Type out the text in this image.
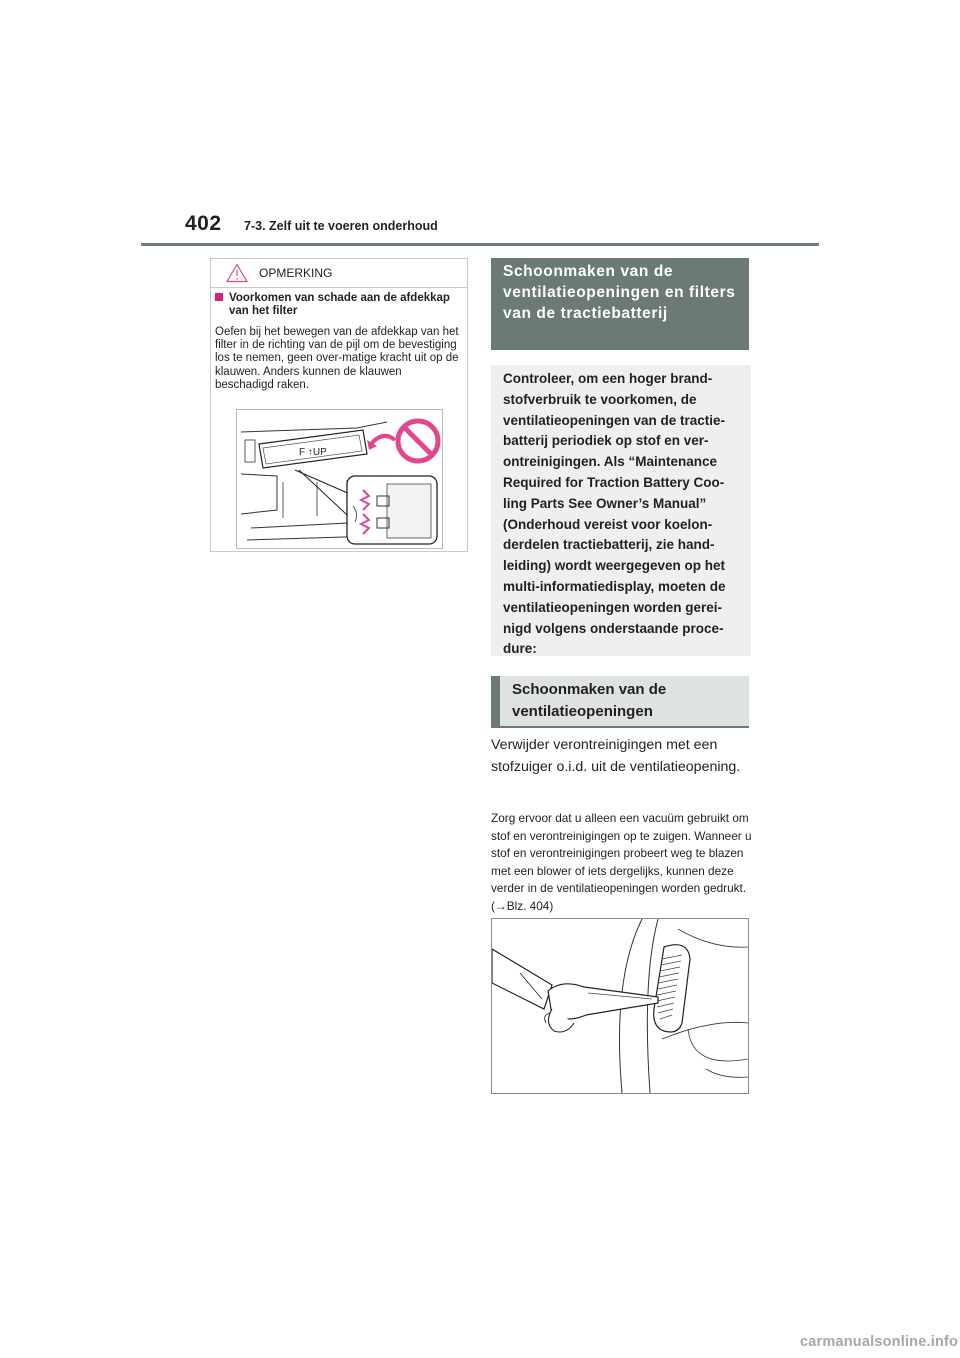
402 7-3. Zelf uit te voeren onderhoud
OPMERKING
Voorkomen van schade aan de afdekkap van het filter
Oefen bij het bewegen van de afdekkap van het filter in de richting van de pijl om de bevestiging los te nemen, geen over-matige kracht uit op de klauwen. Anders kunnen de klauwen beschadigd raken.
F ↑UP
Schoonmaken van de ventilatieopeningen en filters van de tractiebatterij
Controleer, om een hoger brand-
stofverbruik te voorkomen, de
ventilatieopeningen van de tractie-
batterij periodiek op stof en ver-
ontreinigingen. Als “Maintenance
Required for Traction Battery Coo-
ling Parts See Owner’s Manual”
(Onderhoud vereist voor koelon-
derdelen tractiebatterij, zie hand-
leiding) wordt weergegeven op het
multi-informatiedisplay, moeten de
ventilatieopeningen worden gerei-
nigd volgens onderstaande proce-
dure:
Schoonmaken van de ventilatieopeningen
Verwijder verontreinigingen met een stofzuiger o.i.d. uit de ventilatieopening.
Zorg ervoor dat u alleen een vacuüm gebruikt om stof en verontreinigingen op te zuigen. Wanneer u stof en verontreinigingen probeert weg te blazen met een blower of iets dergelijks, kunnen deze verder in de ventilatieopeningen worden gedrukt.
(→Blz. 404)
carmanualsonline.info
